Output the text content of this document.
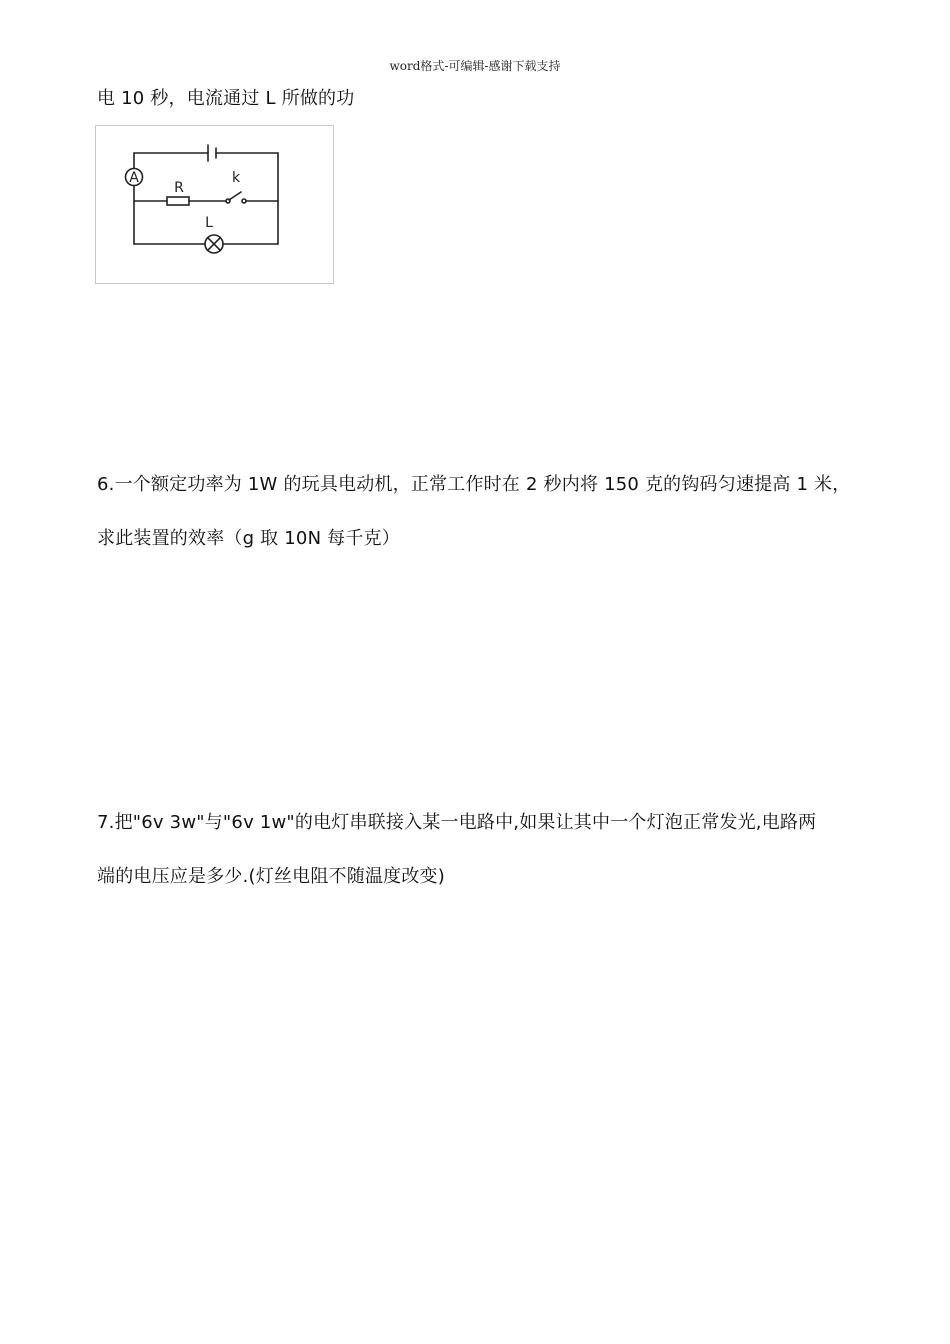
word格式-可编辑-感谢下载支持
电 10 秒，电流通过 L 所做的功
A
R
k
L
6.一个额定功率为 1W 的玩具电动机，正常工作时在 2 秒内将 150 克的钩码匀速提高 1 米，
求此装置的效率（g 取 10N 每千克）
7.把"6v 3w"与"6v 1w"的电灯串联接入某一电路中,如果让其中一个灯泡正常发光,电路两
端的电压应是多少.(灯丝电阻不随温度改变)
